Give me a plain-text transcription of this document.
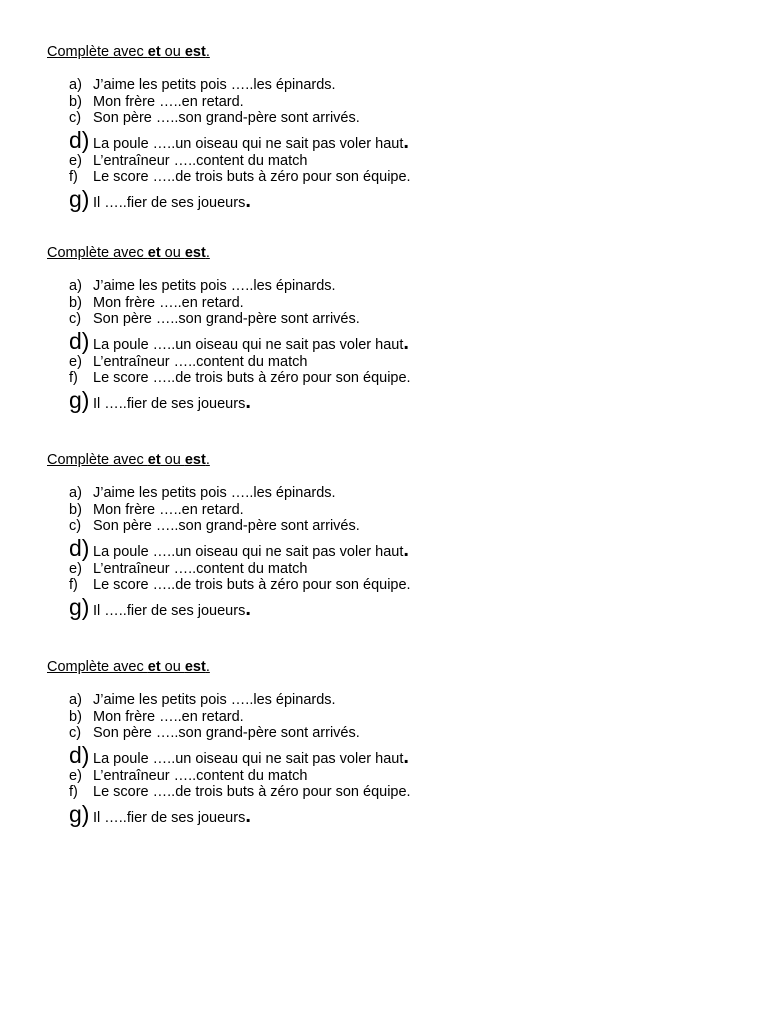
Complète avec et ou est.
a) J’aime les petits pois …..les épinards.
b) Mon frère …..en retard.
c) Son père …..son grand-père sont arrivés.
d) La poule …..un oiseau qui ne sait pas voler haut.
e) L’entraîneur …..content du match
f) Le score …..de trois buts à zéro pour son équipe.
g) Il …..fier de ses joueurs.
Complète avec et ou est.
a) J’aime les petits pois …..les épinards.
b) Mon frère …..en retard.
c) Son père …..son grand-père sont arrivés.
d) La poule …..un oiseau qui ne sait pas voler haut.
e) L’entraîneur …..content du match
f) Le score …..de trois buts à zéro pour son équipe.
g) Il …..fier de ses joueurs.
Complète avec et ou est.
a) J’aime les petits pois …..les épinards.
b) Mon frère …..en retard.
c) Son père …..son grand-père sont arrivés.
d) La poule …..un oiseau qui ne sait pas voler haut.
e) L’entraîneur …..content du match
f) Le score …..de trois buts à zéro pour son équipe.
g) Il …..fier de ses joueurs.
Complète avec et ou est.
a) J’aime les petits pois …..les épinards.
b) Mon frère …..en retard.
c) Son père …..son grand-père sont arrivés.
d) La poule …..un oiseau qui ne sait pas voler haut.
e) L’entraîneur …..content du match
f) Le score …..de trois buts à zéro pour son équipe.
g) Il …..fier de ses joueurs.
